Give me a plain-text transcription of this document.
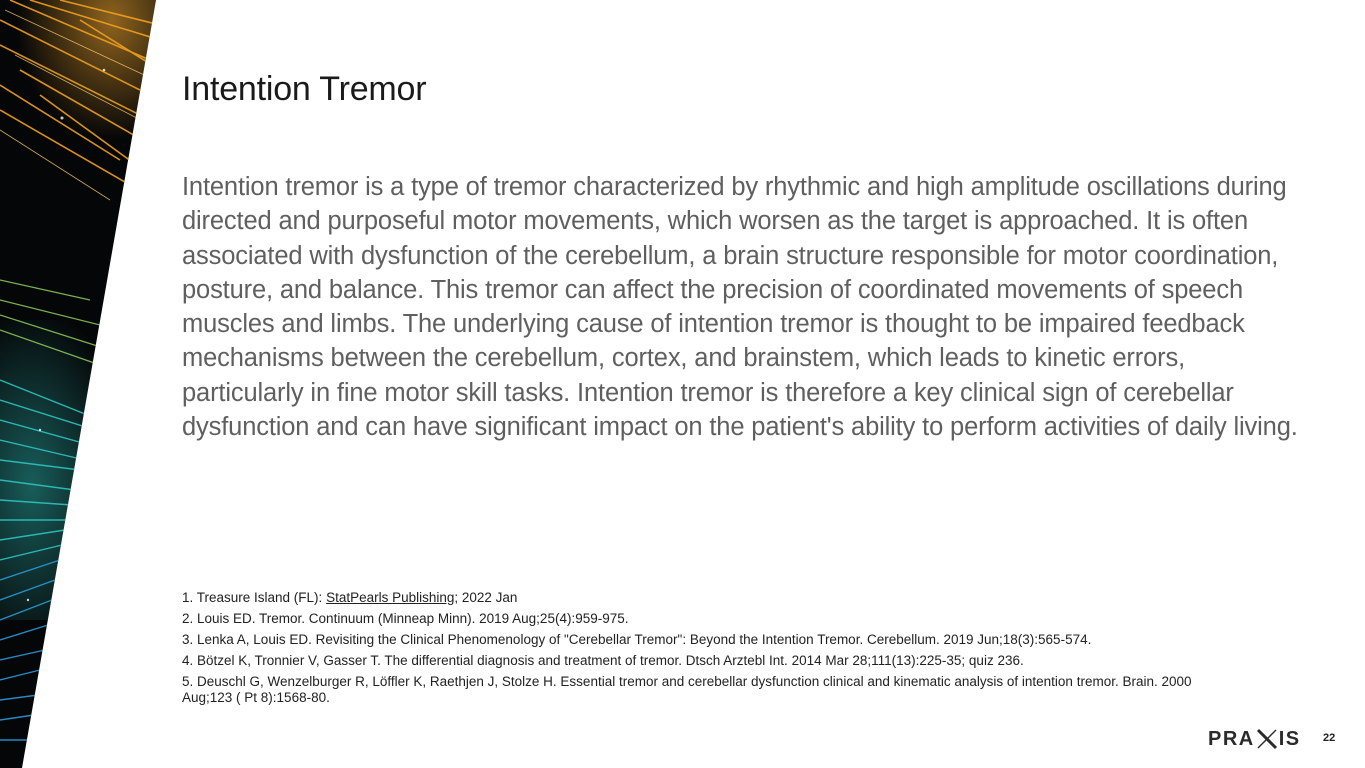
Intention Tremor

Intention tremor is a type of tremor characterized by rhythmic and high amplitude oscillations during directed and purposeful motor movements, which worsen as the target is approached. It is often associated with dysfunction of the cerebellum, a brain structure responsible for motor coordination, posture, and balance. This tremor can affect the precision of coordinated movements of speech muscles and limbs. The underlying cause of intention tremor is thought to be impaired feedback mechanisms between the cerebellum, cortex, and brainstem, which leads to kinetic errors, particularly in fine motor skill tasks. Intention tremor is therefore a key clinical sign of cerebellar dysfunction and can have significant impact on the patient's ability to perform activities of daily living.

1. Treasure Island (FL): StatPearls Publishing; 2022 Jan
2. Louis ED. Tremor. Continuum (Minneap Minn). 2019 Aug;25(4):959-975.
3. Lenka A, Louis ED. Revisiting the Clinical Phenomenology of "Cerebellar Tremor": Beyond the Intention Tremor. Cerebellum. 2019 Jun;18(3):565-574.
4. Bötzel K, Tronnier V, Gasser T. The differential diagnosis and treatment of tremor. Dtsch Arztebl Int. 2014 Mar 28;111(13):225-35; quiz 236.
5. Deuschl G, Wenzelburger R, Löffler K, Raethjen J, Stolze H. Essential tremor and cerebellar dysfunction clinical and kinematic analysis of intention tremor. Brain. 2000 Aug;123 ( Pt 8):1568-80.
PRA IS 22
